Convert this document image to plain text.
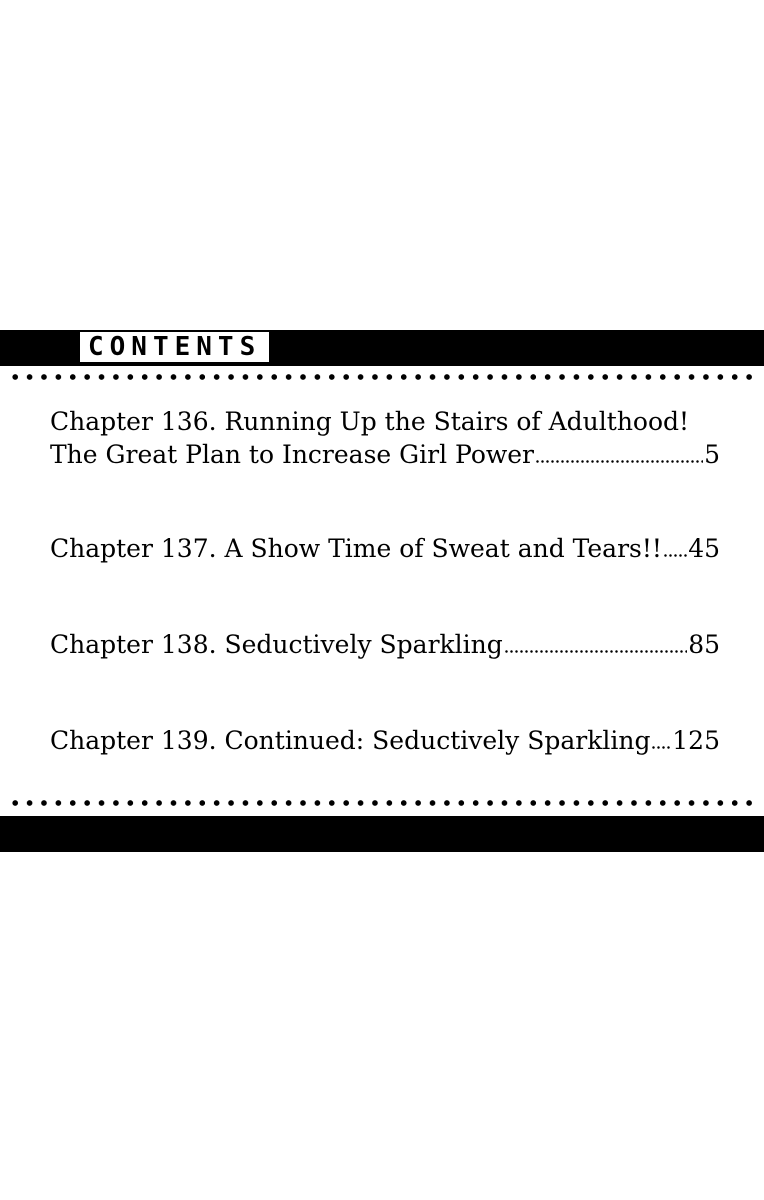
CONTENTS
Chapter 136. Running Up the Stairs of Adulthood!
The Great Plan to Increase Girl Power	5
Chapter 137. A Show Time of Sweat and Tears!! 45
Chapter 138. Seductively Sparkling	85
Chapter 139. Continued: Seductively Sparkling 125
